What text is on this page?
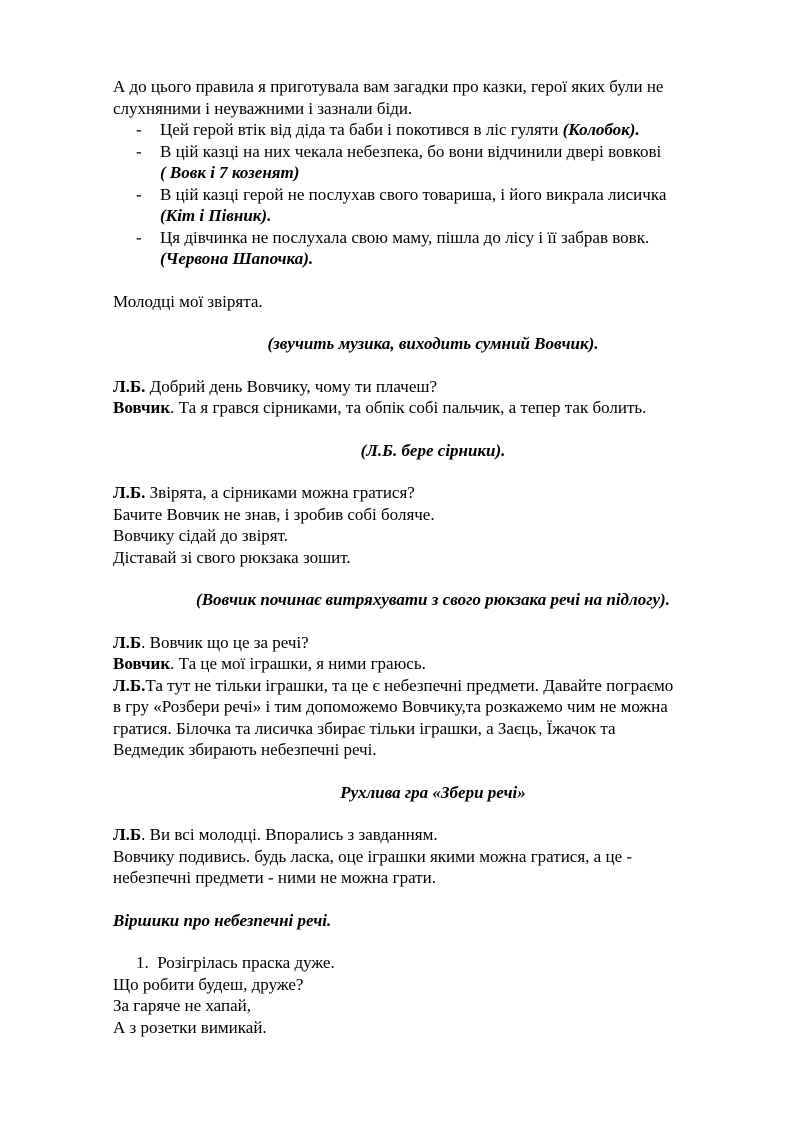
А до цього правила я приготувала вам загадки про казки, герої яких були не
слухняними і неуважними і зазнали біди.
- Цей герой втік від діда та баби і покотився в ліс гуляти (Колобок).
- В цій казці на них чекала небезпека, бо вони відчинили двері вовкові
( Вовк і 7 козенят)
- В цій казці герой не послухав свого товариша, і його викрала лисичка
(Кіт і Півник).
- Ця дівчинка не послухала свою маму, пішла до лісу і її забрав вовк.
(Червона Шапочка).
Молодці мої звірята.
(звучить музика, виходить сумний Вовчик).
Л.Б. Добрий день Вовчику, чому ти плачеш?
Вовчик. Та я грався сірниками, та обпік собі пальчик, а тепер так болить.
(Л.Б. бере сірники).
Л.Б. Звірята, а сірниками можна гратися?
Бачите Вовчик не знав, і зробив собі боляче.
Вовчику сідай до звірят.
Діставай зі свого рюкзака зошит.
(Вовчик починає витряхувати з свого рюкзака речі на підлогу).
Л.Б. Вовчик що це за речі?
Вовчик. Та це мої іграшки, я ними граюсь.
Л.Б.Та тут не тільки іграшки, та це є небезпечні предмети. Давайте пограємо
в гру «Розбери речі» і тим допоможемо Вовчику,та розкажемо чим не можна
гратися. Білочка та лисичка збирає тільки іграшки, а Заєць, Їжачок та
Ведмедик збирають небезпечні речі.
Рухлива гра «Збери речі»
Л.Б. Ви всі молодці. Впорались з завданням.
Вовчику подивись. будь ласка, оце іграшки якими можна гратися, а це -
небезпечні предмети - ними не можна грати.
Віршики про небезпечні речі.
1. Розігрілась праска дуже.
Що робити будеш, друже?
За гаряче не хапай,
А з розетки вимикай.
